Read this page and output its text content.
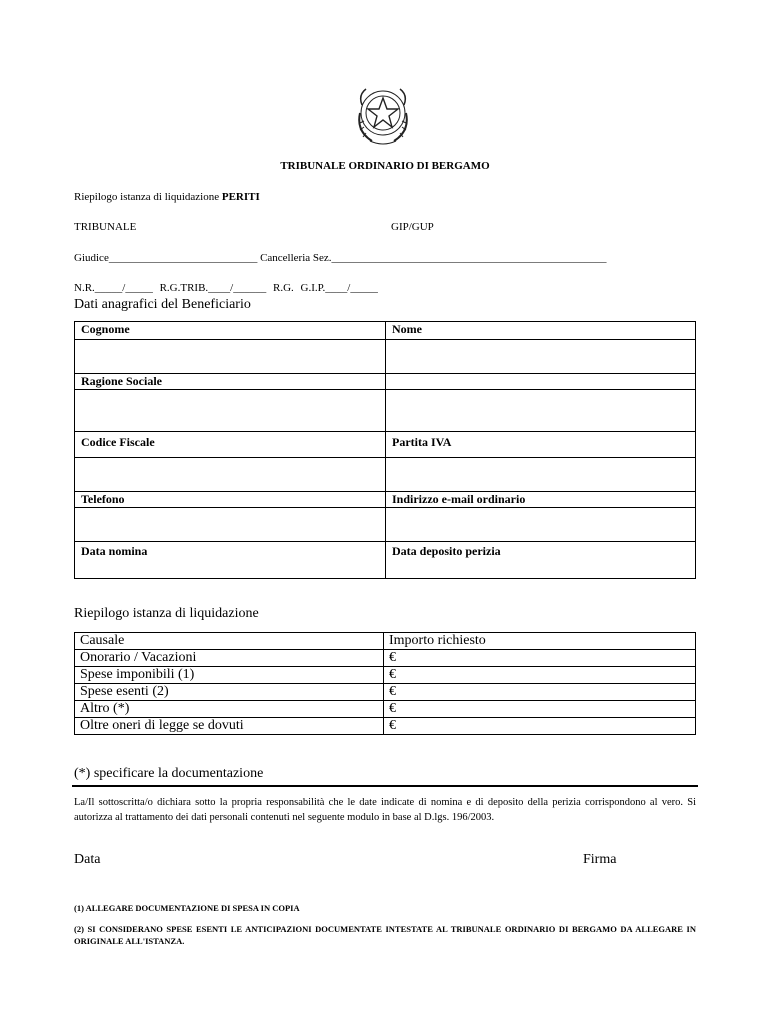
TRIBUNALE ORDINARIO DI BERGAMO
Riepilogo istanza di liquidazione PERITI
TRIBUNALE	GIP/GUP
Giudice___________________________ Cancelleria Sez.__________________________________________________
N.R._____/_____ R.G.TRIB.____/______ R.G. G.I.P.____/_____
Dati anagrafici del Beneficiario
Cognome	Nome

Ragione Sociale	

Codice Fiscale	Partita IVA

Telefono	Indirizzo e-mail ordinario

Data nomina	Data deposito perizia
Riepilogo istanza di liquidazione
Causale	Importo richiesto
Onorario / Vacazioni	€
Spese imponibili (1)	€
Spese esenti (2)	€
Altro (*)	€
Oltre oneri di legge se dovuti	€
(*) specificare la documentazione
La/Il sottoscritta/o dichiara sotto la propria responsabilità che le date indicate di nomina e di deposito della perizia corrispondono al vero. Si autorizza al trattamento dei dati personali contenuti nel seguente modulo in base al D.lgs. 196/2003.
Data	Firma
(1) ALLEGARE DOCUMENTAZIONE DI SPESA IN COPIA
(2) SI CONSIDERANO SPESE ESENTI LE ANTICIPAZIONI DOCUMENTATE INTESTATE AL TRIBUNALE ORDINARIO DI BERGAMO DA ALLEGARE IN ORIGINALE ALL'ISTANZA.
